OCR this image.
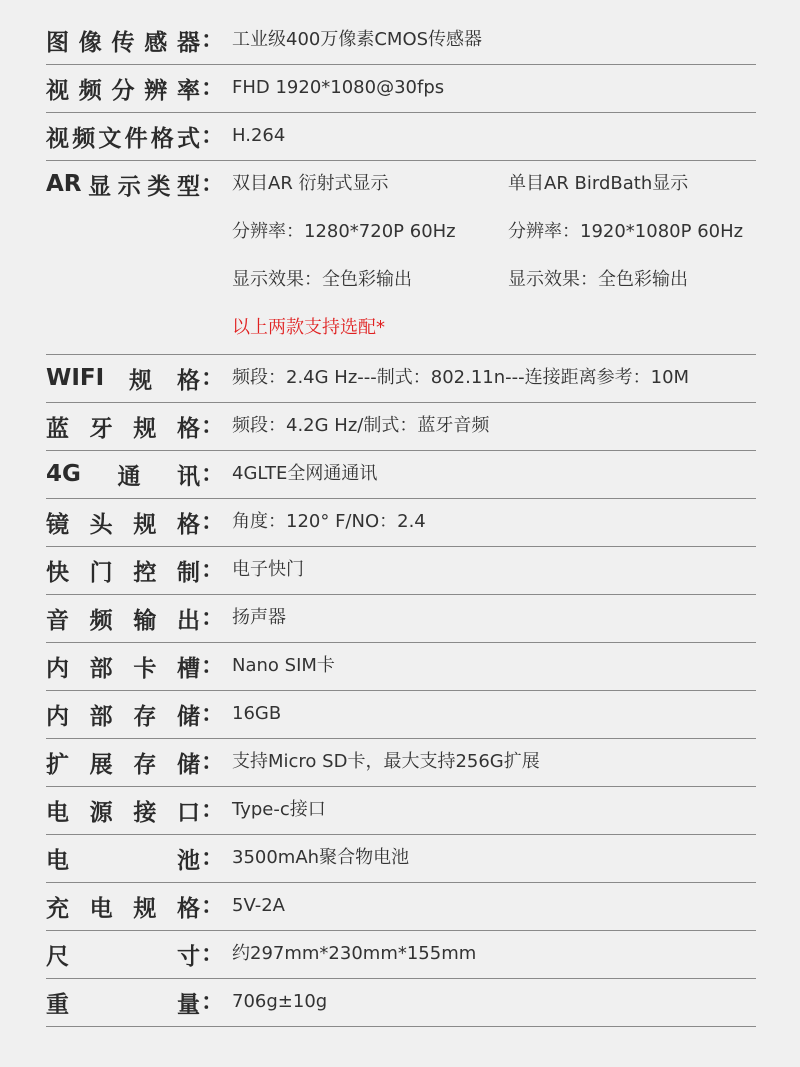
图 像 传 感 器 ： 工业级400万像素CMOS传感器
视 频 分 辨 率 ： FHD 1920*1080@30fps
视 频 文 件 格 式 ： H.264
AR 显 示 类 型 ： 双目AR 衍射式显示	单目AR BirdBath显示
分辨率：1280*720P 60Hz	分辨率：1920*1080P 60Hz
显示效果：全色彩输出	显示效果：全色彩输出
以上两款支持选配*
WIFI 规 格 ： 频段：2.4G Hz---制式：802.11n---连接距离参考：10M
蓝 牙 规 格 ： 频段：4.2G Hz/制式：蓝牙音频
4G 通 讯 ： 4GLTE全网通通讯
镜 头 规 格 ： 角度：120° F/NO：2.4
快 门 控 制 ： 电子快门
音 频 输 出 ： 扬声器
内 部 卡 槽 ： Nano SIM卡
内 部 存 储 ： 16GB
扩 展 存 储 ： 支持Micro SD卡，最大支持256G扩展
电 源 接 口 ： Type-c接口
电	池 ： 3500mAh聚合物电池
充 电 规 格 ： 5V-2A
尺	寸 ： 约297mm*230mm*155mm
重	量 ： 706g±10g
